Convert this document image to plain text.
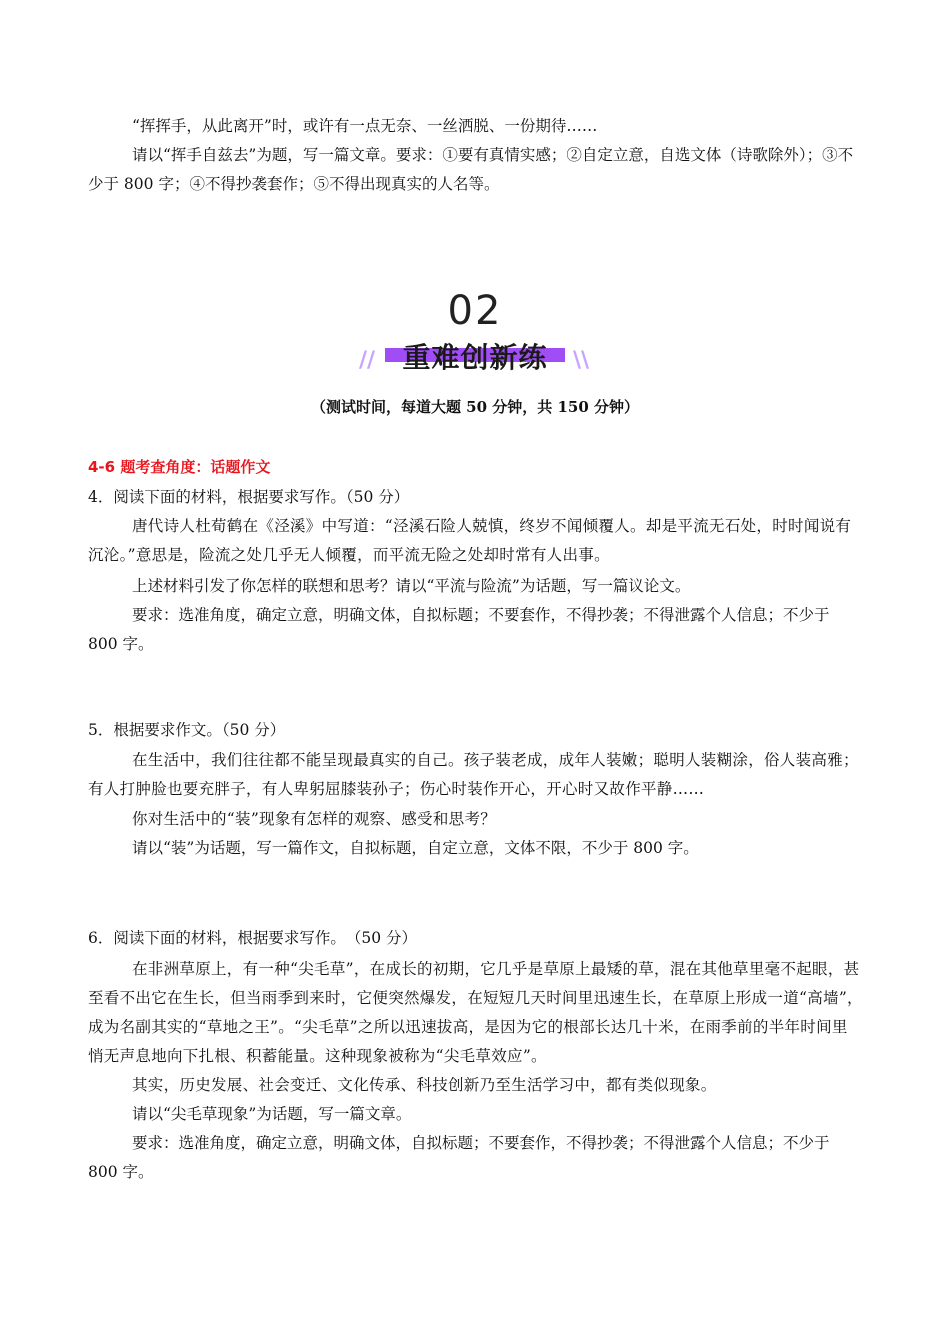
“挥挥手，从此离开”时，或许有一点无奈、一丝洒脱、一份期待……

请以“挥手自兹去”为题，写一篇文章。要求：①要有真情实感；②自定立意，自选文体（诗歌除外）；③不少于 800 字；④不得抄袭套作；⑤不得出现真实的人名等。

02
// 重难创新练	\\
（测试时间，每道大题 50 分钟，共 150 分钟）

4-6 题考查角度：话题作文

4．阅读下面的材料，根据要求写作。（50 分）

唐代诗人杜荀鹤在《泾溪》中写道：“泾溪石险人兢慎，终岁不闻倾覆人。却是平流无石处，时时闻说有沉沦。”意思是，险流之处几乎无人倾覆，而平流无险之处却时常有人出事。

上述材料引发了你怎样的联想和思考？请以“平流与险流”为话题，写一篇议论文。

要求：选准角度，确定立意，明确文体，自拟标题；不要套作，不得抄袭；不得泄露个人信息；不少于 800 字。

5．根据要求作文。（50 分）

在生活中，我们往往都不能呈现最真实的自己。孩子装老成，成年人装嫩；聪明人装糊涂，俗人装高雅；有人打肿脸也要充胖子，有人卑躬屈膝装孙子；伤心时装作开心，开心时又故作平静……

你对生活中的“装”现象有怎样的观察、感受和思考？

请以“装”为话题，写一篇作文，自拟标题，自定立意，文体不限，不少于 800 字。

6．阅读下面的材料，根据要求写作。　（50 分）

在非洲草原上，有一种“尖毛草”，在成长的初期，它几乎是草原上最矮的草，混在其他草里毫不起眼，甚至看不出它在生长，但当雨季到来时，它便突然爆发，在短短几天时间里迅速生长，在草原上形成一道“高墙”，成为名副其实的“草地之王”。“尖毛草”之所以迅速拔高，是因为它的根部长达几十米，在雨季前的半年时间里悄无声息地向下扎根、积蓄能量。这种现象被称为“尖毛草效应”。

其实，历史发展、社会变迁、文化传承、科技创新乃至生活学习中，都有类似现象。

请以“尖毛草现象”为话题，写一篇文章。

要求：选准角度，确定立意，明确文体，自拟标题；不要套作，不得抄袭；不得泄露个人信息；不少于 800 字。
